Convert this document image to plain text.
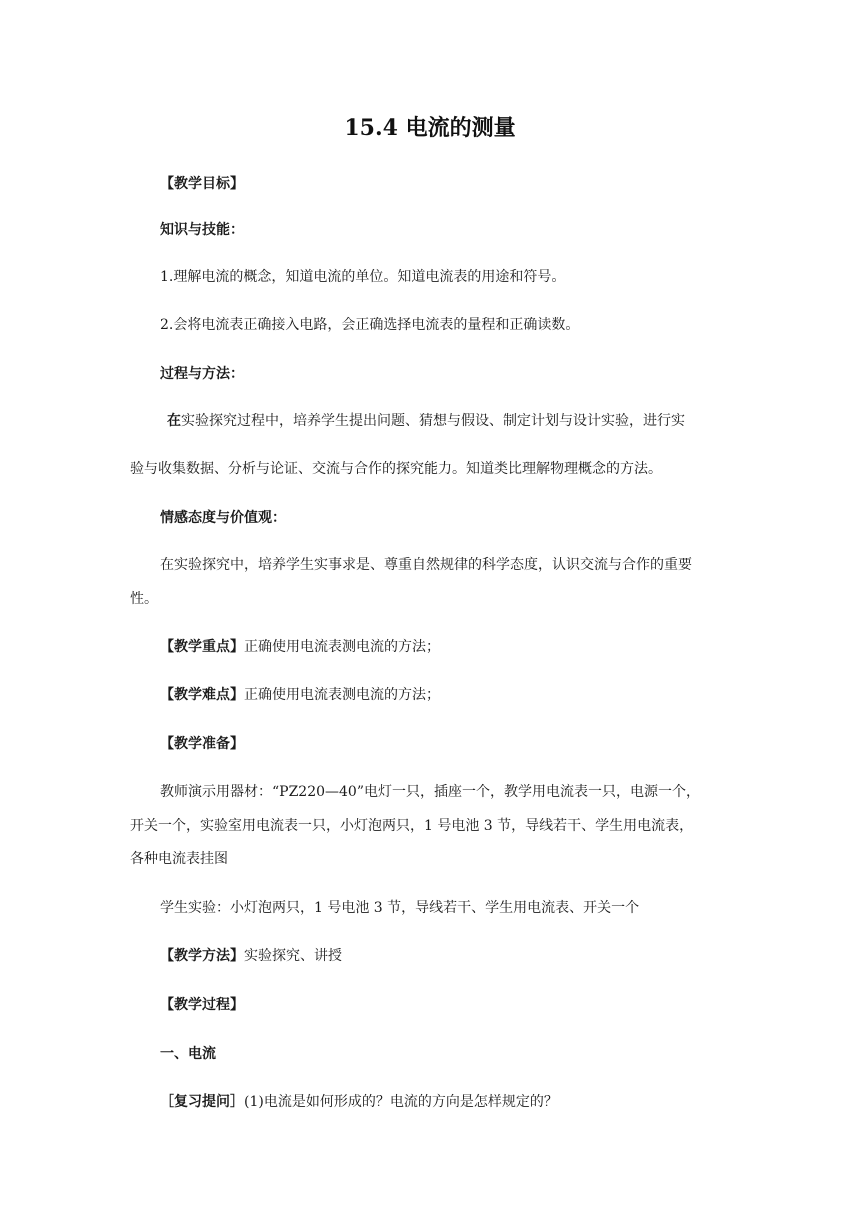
15.4 电流的测量
【教学目标】
知识与技能：
1.理解电流的概念，知道电流的单位。知道电流表的用途和符号。
2.会将电流表正确接入电路，会正确选择电流表的量程和正确读数。
过程与方法：
在实验探究过程中，培养学生提出问题、猜想与假设、制定计划与设计实验，进行实
验与收集数据、分析与论证、交流与合作的探究能力。知道类比理解物理概念的方法。
情感态度与价值观：
在实验探究中，培养学生实事求是、尊重自然规律的科学态度，认识交流与合作的重要
性。
【教学重点】正确使用电流表测电流的方法；
【教学难点】正确使用电流表测电流的方法；
【教学准备】
教师演示用器材：“PZ220—40”电灯一只，插座一个，教学用电流表一只，电源一个，
开关一个，实验室用电流表一只，小灯泡两只，1 号电池 3 节，导线若干、学生用电流表，
各种电流表挂图
学生实验：小灯泡两只，1 号电池 3 节，导线若干、学生用电流表、开关一个
【教学方法】实验探究、讲授
【教学过程】
一、电流
［复习提问］(1)电流是如何形成的？电流的方向是怎样规定的？
